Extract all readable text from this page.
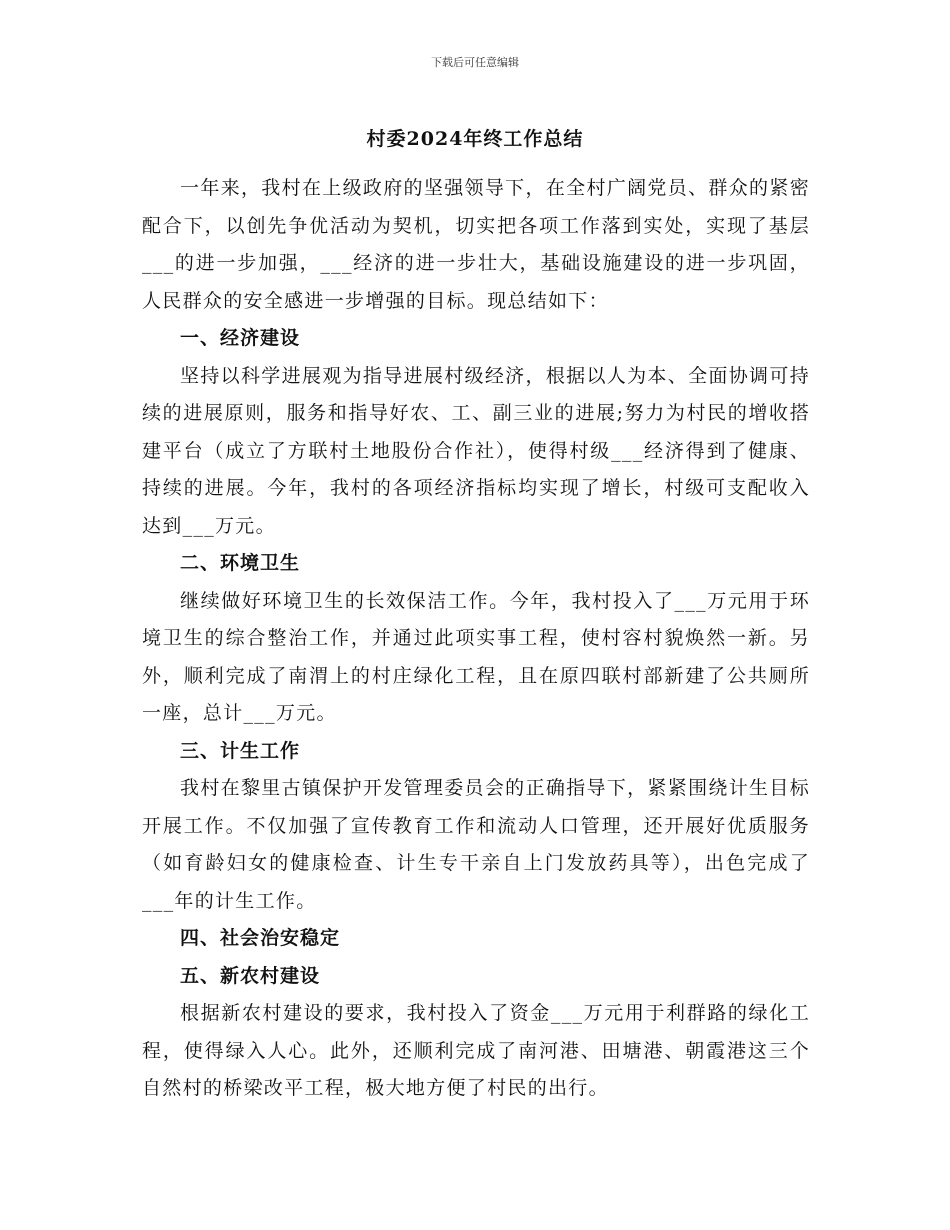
下载后可任意编辑
村委2024年终工作总结

一年来，我村在上级政府的坚强领导下，在全村广阔党员、群众的紧密配合下，以创先争优活动为契机，切实把各项工作落到实处，实现了基层___的进一步加强，___经济的进一步壮大，基础设施建设的进一步巩固，人民群众的安全感进一步增强的目标。现总结如下：

一、经济建设

坚持以科学进展观为指导进展村级经济，根据以人为本、全面协调可持续的进展原则，服务和指导好农、工、副三业的进展;努力为村民的增收搭建平台（成立了方联村土地股份合作社），使得村级___经济得到了健康、持续的进展。今年，我村的各项经济指标均实现了增长，村级可支配收入达到___万元。

二、环境卫生

继续做好环境卫生的长效保洁工作。今年，我村投入了___万元用于环境卫生的综合整治工作，并通过此项实事工程，使村容村貌焕然一新。另外，顺利完成了南渭上的村庄绿化工程，且在原四联村部新建了公共厕所一座，总计___万元。

三、计生工作

我村在黎里古镇保护开发管理委员会的正确指导下，紧紧围绕计生目标开展工作。不仅加强了宣传教育工作和流动人口管理，还开展好优质服务（如育龄妇女的健康检查、计生专干亲自上门发放药具等），出色完成了___年的计生工作。

四、社会治安稳定

五、新农村建设

根据新农村建设的要求，我村投入了资金___万元用于利群路的绿化工程，使得绿入人心。此外，还顺利完成了南河港、田塘港、朝霞港这三个自然村的桥梁改平工程，极大地方便了村民的出行。
